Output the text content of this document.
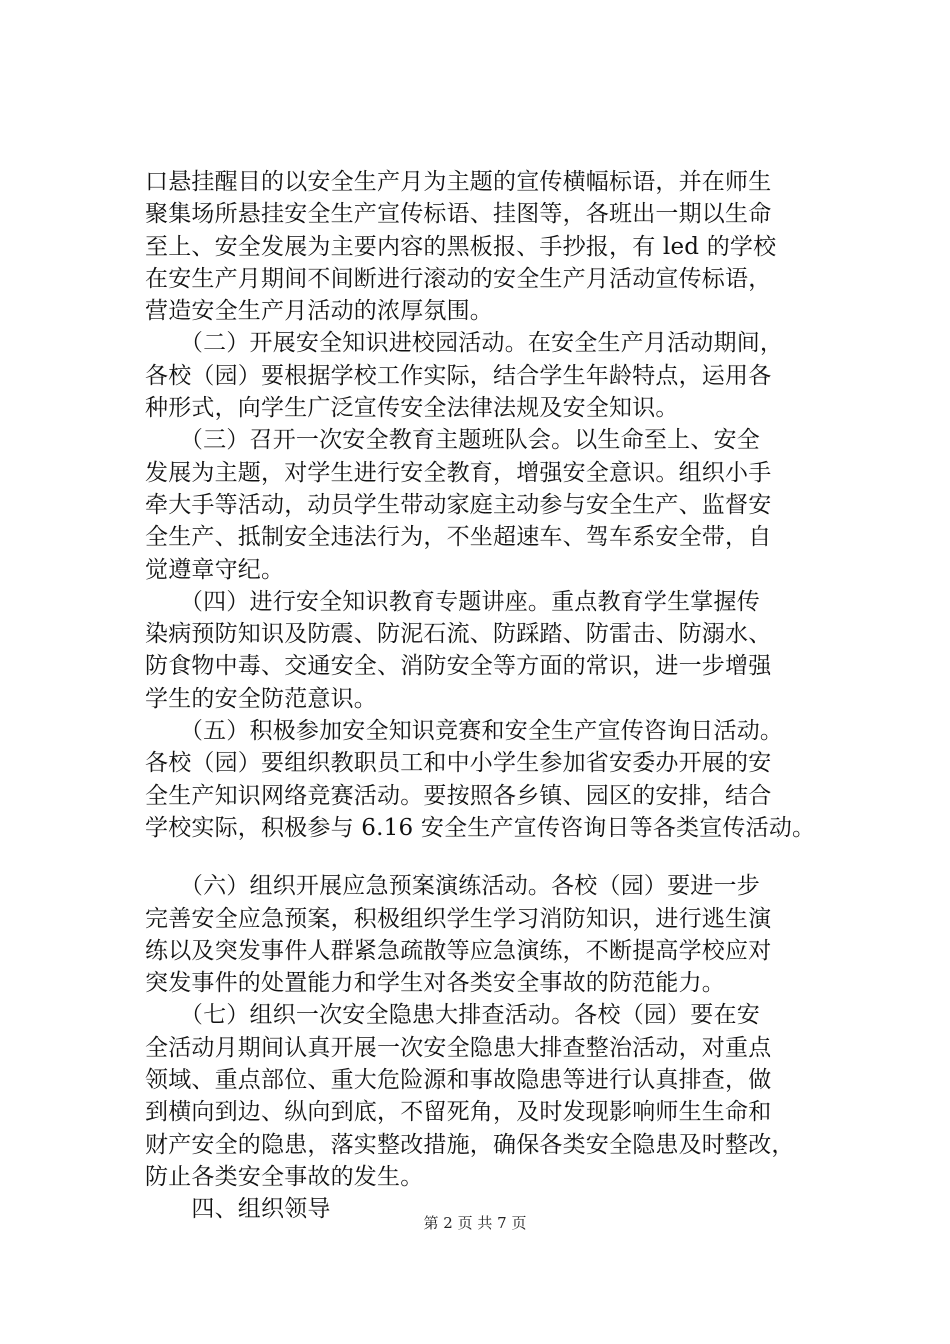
口悬挂醒目的以安全生产月为主题的宣传横幅标语，并在师生
聚集场所悬挂安全生产宣传标语、挂图等，各班出一期以生命
至上、安全发展为主要内容的黑板报、手抄报，有 led 的学校
在安生产月期间不间断进行滚动的安全生产月活动宣传标语，
营造安全生产月活动的浓厚氛围。
　　（二）开展安全知识进校园活动。在安全生产月活动期间，
各校（园）要根据学校工作实际，结合学生年龄特点，运用各
种形式，向学生广泛宣传安全法律法规及安全知识。
　　（三）召开一次安全教育主题班队会。以生命至上、安全
发展为主题，对学生进行安全教育，增强安全意识。组织小手
牵大手等活动，动员学生带动家庭主动参与安全生产、监督安
全生产、抵制安全违法行为，不坐超速车、驾车系安全带，自
觉遵章守纪。
　　（四）进行安全知识教育专题讲座。重点教育学生掌握传
染病预防知识及防震、防泥石流、防踩踏、防雷击、防溺水、
防食物中毒、交通安全、消防安全等方面的常识，进一步增强
学生的安全防范意识。
　　（五）积极参加安全知识竞赛和安全生产宣传咨询日活动。
各校（园）要组织教职员工和中小学生参加省安委办开展的安
全生产知识网络竞赛活动。要按照各乡镇、园区的安排，结合
学校实际，积极参与 6.16 安全生产宣传咨询日等各类宣传活动。
　　（六）组织开展应急预案演练活动。各校（园）要进一步
完善安全应急预案，积极组织学生学习消防知识，进行逃生演
练以及突发事件人群紧急疏散等应急演练，不断提高学校应对
突发事件的处置能力和学生对各类安全事故的防范能力。
　　（七）组织一次安全隐患大排查活动。各校（园）要在安
全活动月期间认真开展一次安全隐患大排查整治活动，对重点
领域、重点部位、重大危险源和事故隐患等进行认真排查，做
到横向到边、纵向到底，不留死角，及时发现影响师生生命和
财产安全的隐患，落实整改措施，确保各类安全隐患及时整改，
防止各类安全事故的发生。
　　四、组织领导
第 2 页 共 7 页
